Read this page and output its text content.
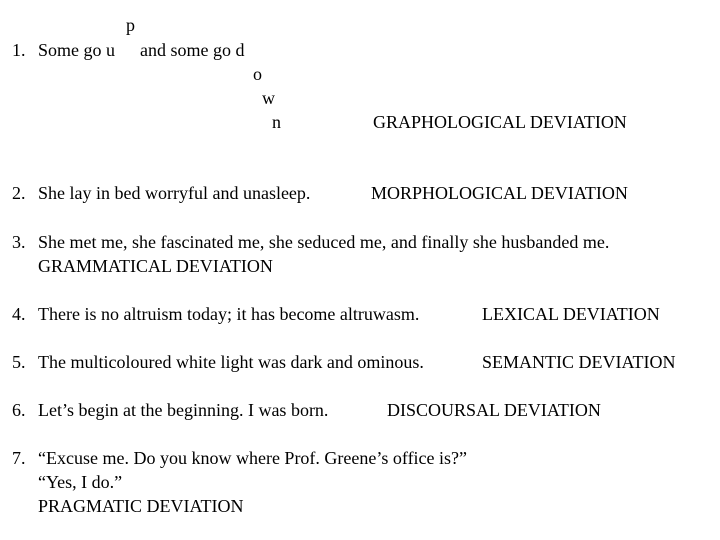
p
1. Some go u and some go d
o
w
n	GRAPHOLOGICAL DEVIATION
2. She lay in bed worryful and unasleep.	MORPHOLOGICAL DEVIATION
3. She met me, she fascinated me, she seduced me, and finally she husbanded me.
GRAMMATICAL DEVIATION
4. There is no altruism today; it has become altruwasm.	LEXICAL DEVIATION
5. The multicoloured white light was dark and ominous.	SEMANTIC DEVIATION
6. Let’s begin at the beginning. I was born.	DISCOURSAL DEVIATION
7. “Excuse me. Do you know where Prof. Greene’s office is?”
“Yes, I do.”
PRAGMATIC DEVIATION
